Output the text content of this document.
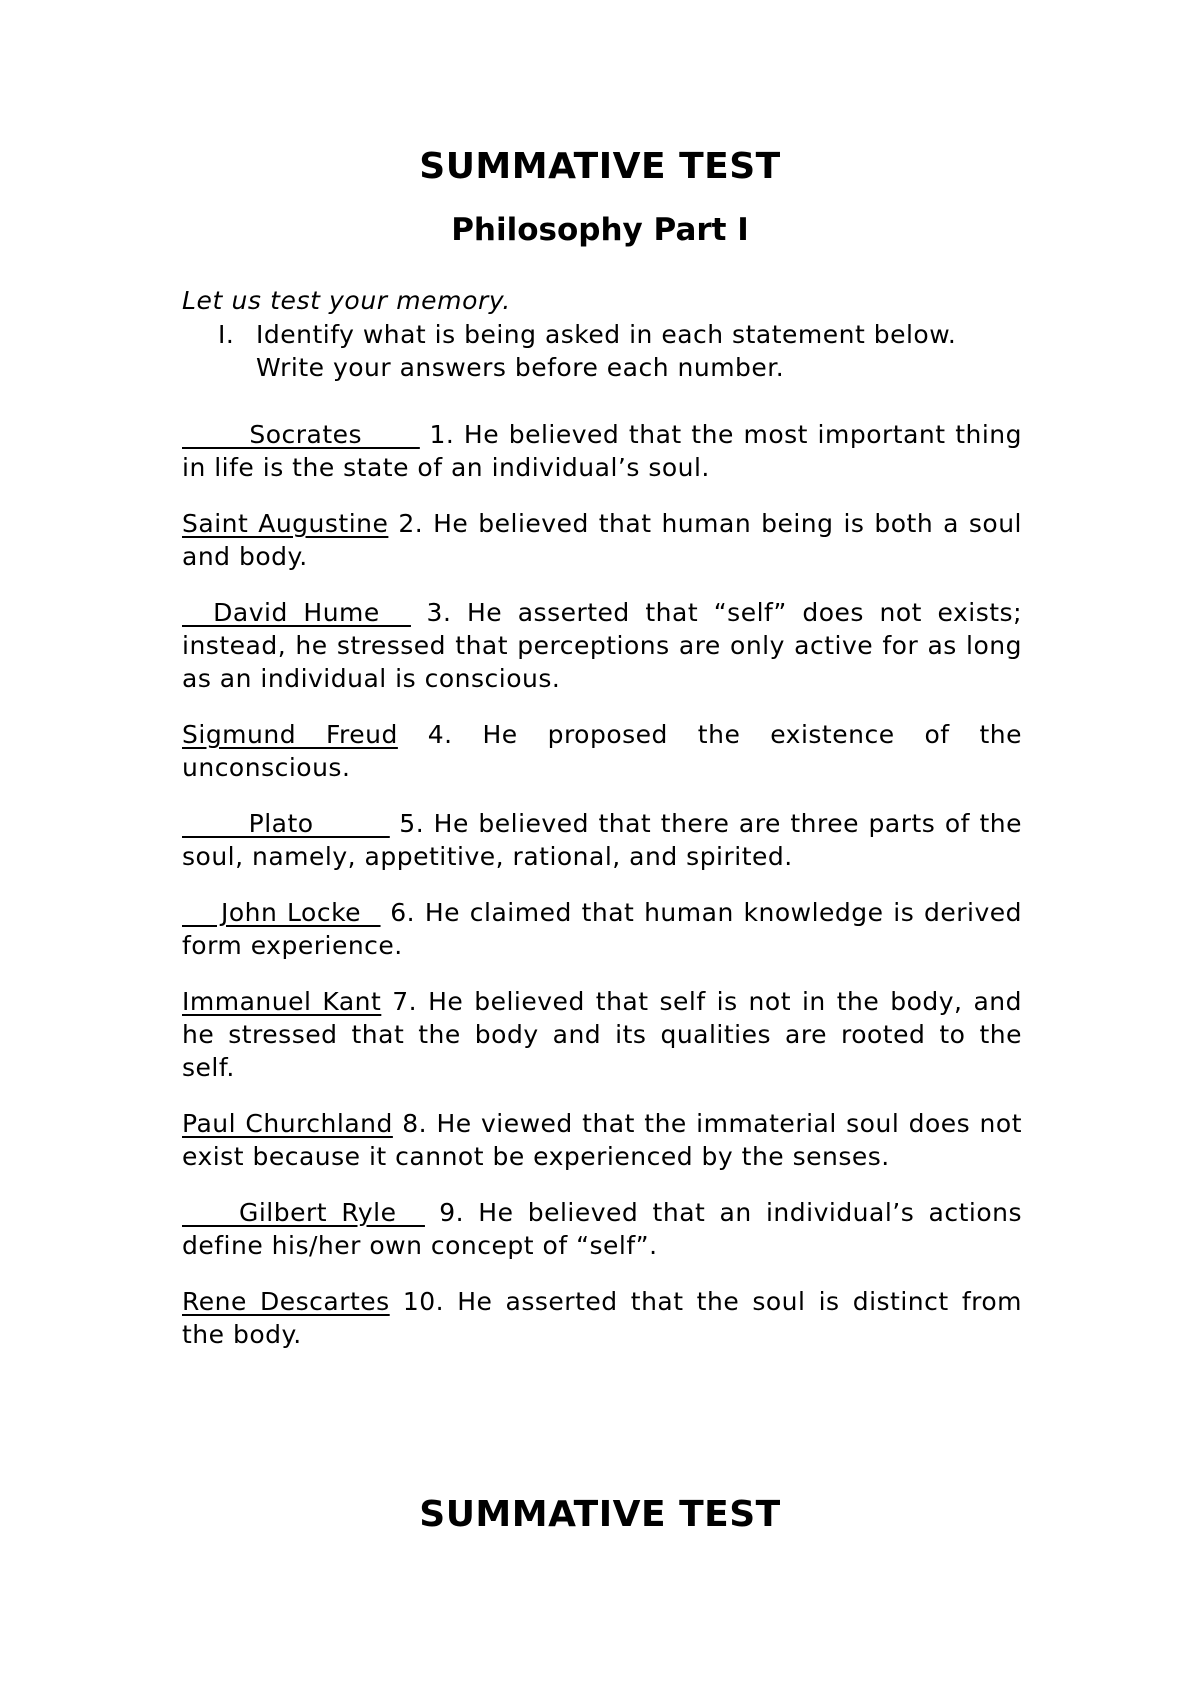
SUMMATIVE TEST
Philosophy Part I
Let us test your memory.
I. Identify what is being asked in each statement below.
Write your answers before each number.

Socrates       1. He believed that the most important thing in life is the state of an individual’s soul.

Saint Augustine 2. He believed that human being is both a soul and body.

David Hume   3. He asserted that “self” does not exists; instead, he stressed that perceptions are only active for as long as an individual is conscious.

Sigmund Freud 4. He proposed the existence of the unconscious.

Plato         5. He believed that there are three parts of the soul, namely, appetitive, rational, and spirited.

John Locke   6. He claimed that human knowledge is derived form experience.

Immanuel Kant 7. He believed that self is not in the body, and he stressed that the body and its qualities are rooted to the self.

Paul Churchland 8. He viewed that the immaterial soul does not exist because it cannot be experienced by the senses.

Gilbert Ryle   9. He believed that an individual’s actions define his/her own concept of “self”.

Rene Descartes 10. He asserted that the soul is distinct from the body.

SUMMATIVE TEST
